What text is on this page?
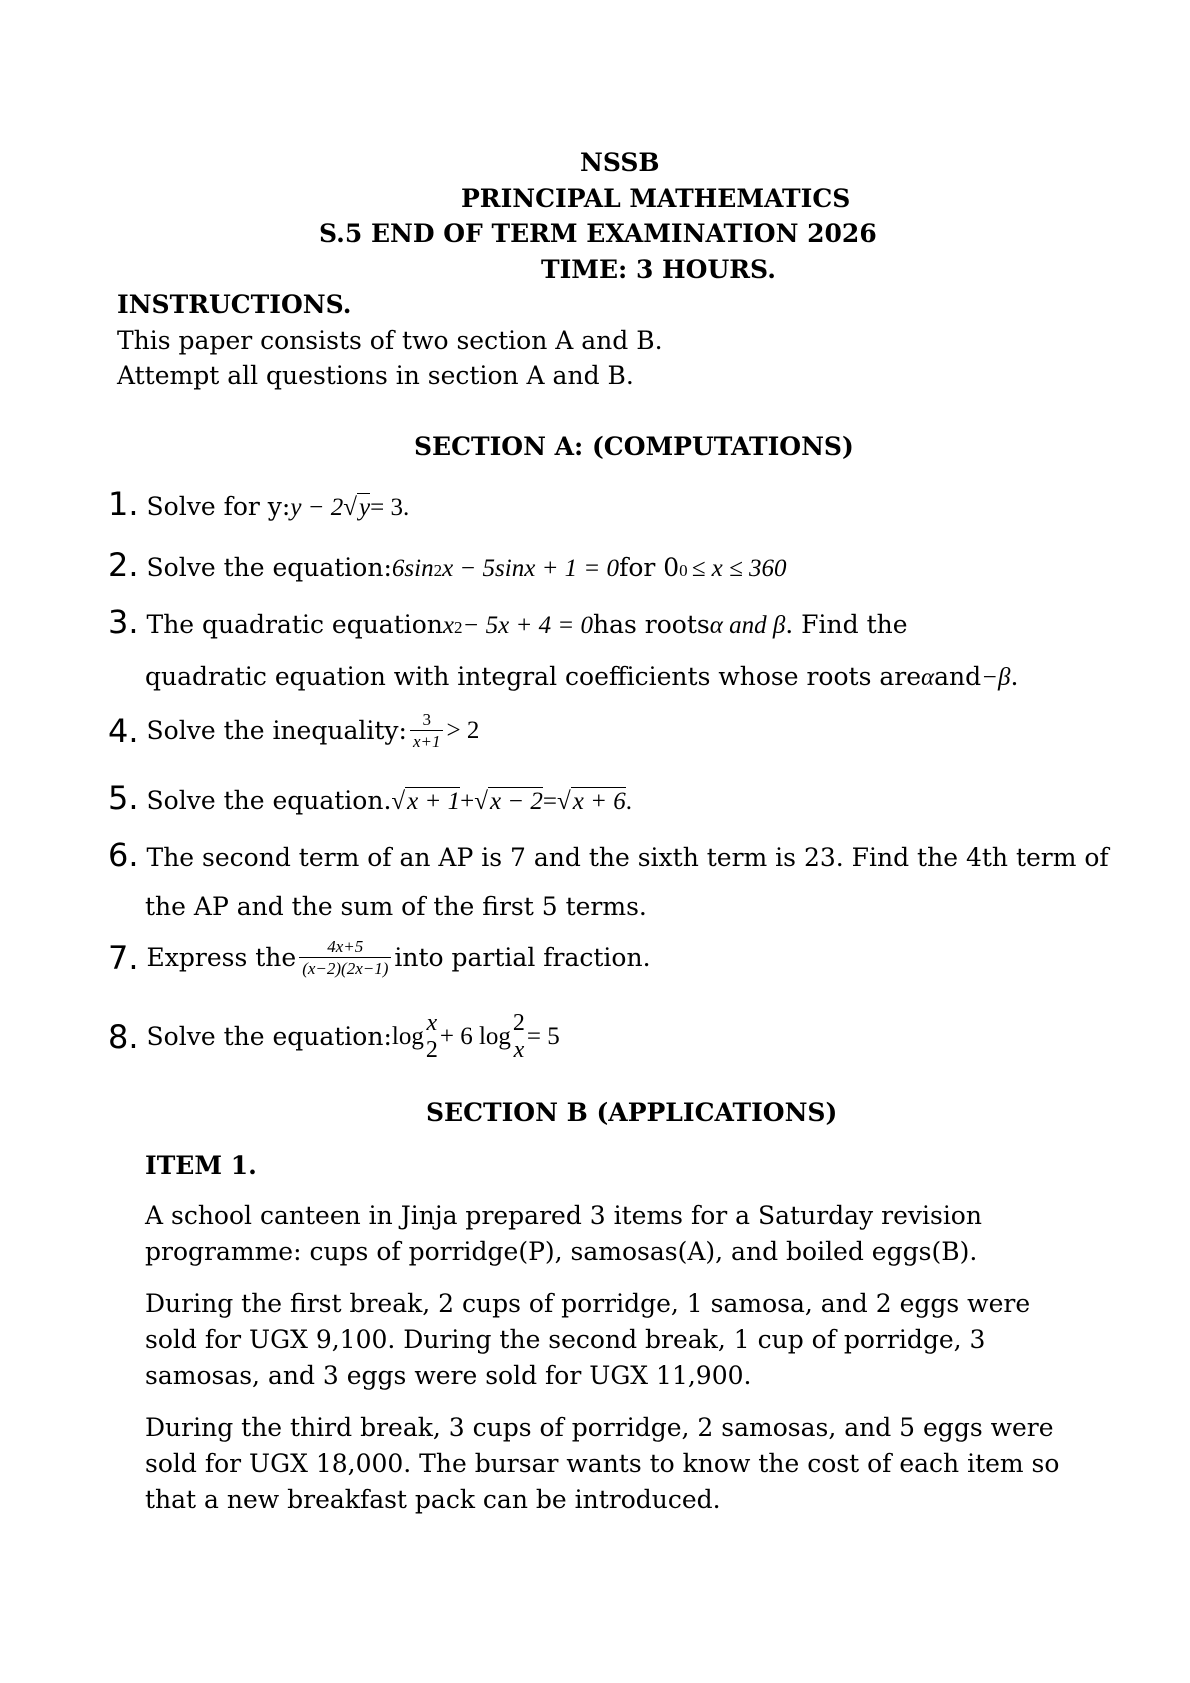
NSSB
PRINCIPAL MATHEMATICS
S.5 END OF TERM EXAMINATION 2026
TIME: 3 HOURS.
INSTRUCTIONS.
This paper consists of two section A and B.
Attempt all questions in section A and B.
SECTION A: (COMPUTATIONS)
1. Solve for y: y − 2 √ y = 3.
2. Solve the equation: 6sin 2 x − 5sinx + 1 = 0 for 0 0 ≤ x ≤ 360
3. The quadratic equation x 2 − 5x + 4 = 0 has roots α and β . Find the
quadratic equation with integral coefficients whose roots are α and −β .
4. Solve the inequality: $\frac{3}{x+1} > 2$
5. Solve the equation. √ x + 1 + √ x − 2 = √ x + 6 .
6. The second term of an AP is 7 and the sixth term is 23. Find the 4th term of
the AP and the sum of the first 5 terms.
7. Express the $\frac{4x+5}{(x-2)(2x-1)}$ into partial fraction.
8. Solve the equation: log x
2 + 6 log 2
x = 5
SECTION B (APPLICATIONS)
ITEM 1.
A school canteen in Jinja prepared 3 items for a Saturday revision programme: cups of porridge(P), samosas(A), and boiled eggs(B).
During the first break, 2 cups of porridge, 1 samosa, and 2 eggs were sold for UGX 9,100. During the second break, 1 cup of porridge, 3 samosas, and 3 eggs were sold for UGX 11,900.
During the third break, 3 cups of porridge, 2 samosas, and 5 eggs were sold for UGX 18,000. The bursar wants to know the cost of each item so that a new breakfast pack can be introduced.
